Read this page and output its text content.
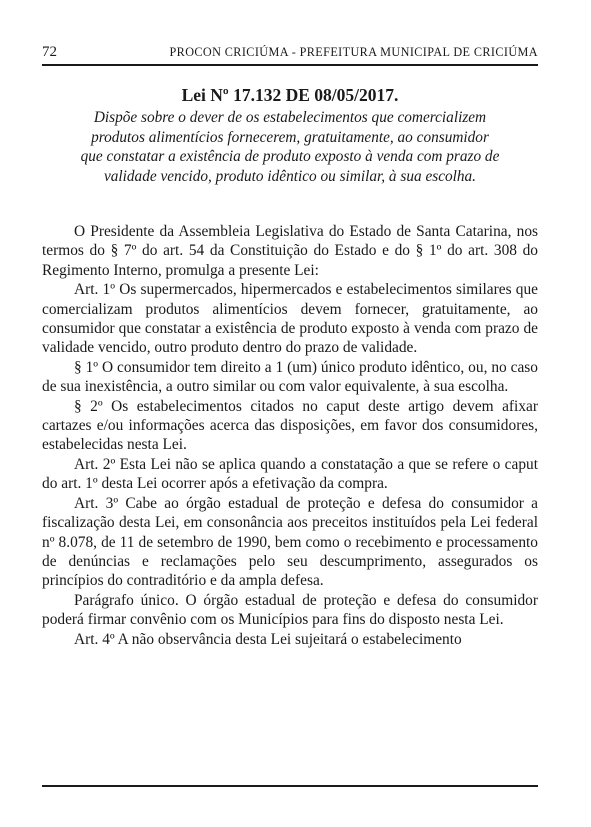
72	PROCON CRICIÚMA - PREFEITURA MUNICIPAL DE CRICIÚMA
Lei Nº 17.132 DE 08/05/2017.
Dispõe sobre o dever de os estabelecimentos que comercializem
produtos alimentícios fornecerem, gratuitamente, ao consumidor
que constatar a existência de produto exposto à venda com prazo de
validade vencido, produto idêntico ou similar, à sua escolha.

O Presidente da Assembleia Legislativa do Estado de Santa Catarina, nos termos do § 7º do art. 54 da Constituição do Estado e do § 1º do art. 308 do Regimento Interno, promulga a presente Lei:

Art. 1º Os supermercados, hipermercados e estabelecimentos similares que comercializam produtos alimentícios devem fornecer, gratuitamente, ao consumidor que constatar a existência de produto exposto à venda com prazo de validade vencido, outro produto dentro do prazo de validade.

§ 1º O consumidor tem direito a 1 (um) único produto idêntico, ou, no caso de sua inexistência, a outro similar ou com valor equivalente, à sua escolha.

§ 2º Os estabelecimentos citados no caput deste artigo devem afixar cartazes e/ou informações acerca das disposições, em favor dos consumidores, estabelecidas nesta Lei.

Art. 2º Esta Lei não se aplica quando a constatação a que se refere o caput do art. 1º desta Lei ocorrer após a efetivação da compra.

Art. 3º Cabe ao órgão estadual de proteção e defesa do consumidor a fiscalização desta Lei, em consonância aos preceitos instituídos pela Lei federal nº 8.078, de 11 de setembro de 1990, bem como o recebimento e processamento de denúncias e reclamações pelo seu descumprimento, assegurados os princípios do contraditório e da ampla defesa.

Parágrafo único. O órgão estadual de proteção e defesa do consumidor poderá firmar convênio com os Municípios para fins do disposto nesta Lei.

Art. 4º A não observância desta Lei sujeitará o estabelecimento
